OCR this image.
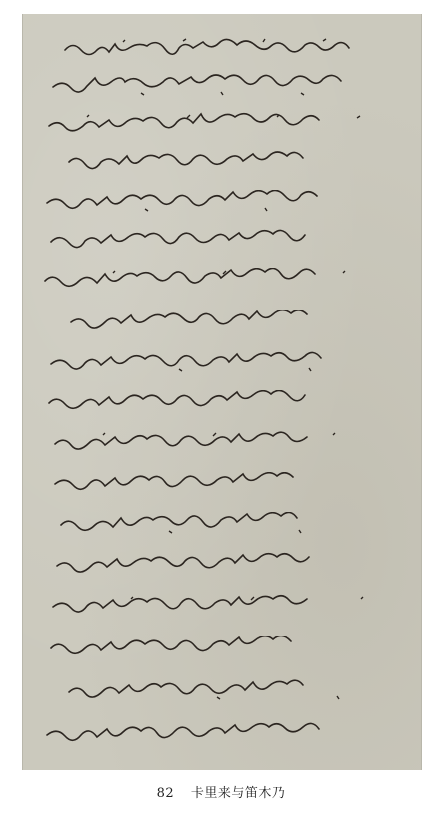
82 卡里来与笛木乃
